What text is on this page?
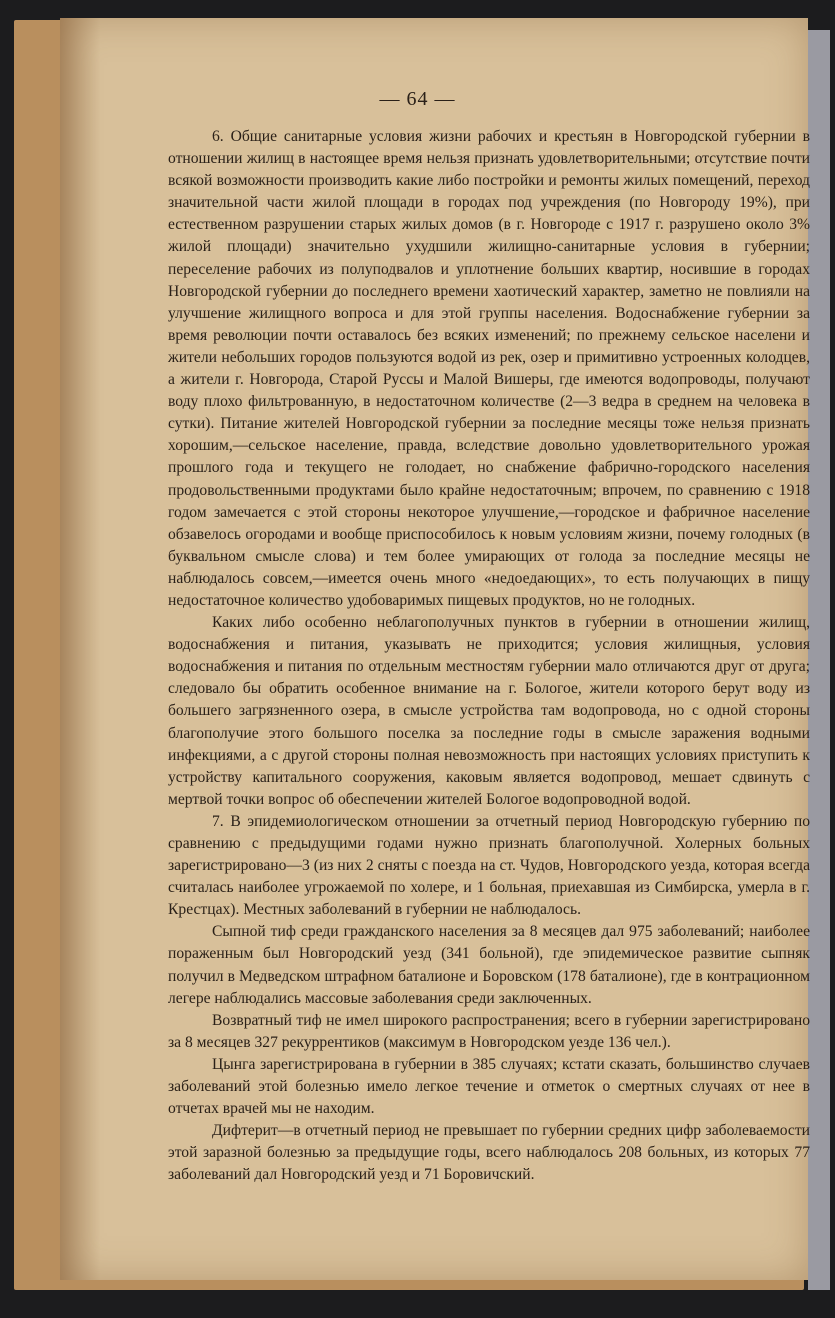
— 64 —

6. Общие санитарные условия жизни рабочих и крестьян в Новгородской губернии в отношении жилищ в настоящее время нельзя признать удовлетворительными; отсутствие почти всякой возможности производить какие либо постройки и ремонты жилых помещений, переход значительной части жилой площади в городах под учреждения (по Новгороду 19%), при естественном разрушении старых жилых домов (в г. Новгороде с 1917 г. разрушено около 3% жилой площади) значительно ухудшили жилищно-санитарные условия в губернии; переселение рабочих из полуподвалов и уплотнение больших квартир, носившие в городах Новгородской губернии до последнего времени хаотический характер, заметно не повлияли на улучшение жилищного вопроса и для этой группы населения. Водоснабжение губернии за время революции почти оставалось без всяких изменений; по прежнему сельское населени и жители небольших городов пользуются водой из рек, озер и примитивно устроенных колодцев, а жители г. Новгорода, Старой Руссы и Малой Вишеры, где имеются водопроводы, получают воду плохо фильтрованную, в недостаточном количестве (2—3 ведра в среднем на человека в сутки). Питание жителей Новгородской губернии за последние месяцы тоже нельзя признать хорошим,—сельское население, правда, вследствие довольно удовлетворительного урожая прошлого года и текущего не голодает, но снабжение фабрично-городского населения продовольственными продуктами было крайне недостаточным; впрочем, по сравнению с 1918 годом замечается с этой стороны некоторое улучшение,—городское и фабричное население обзавелось огородами и вообще приспособилось к новым условиям жизни, почему голодных (в буквальном смысле слова) и тем более умирающих от голода за последние месяцы не наблюдалось совсем,—имеется очень много «недоедающих», то есть получающих в пищу недостаточное количество удобоваримых пищевых продуктов, но не голодных.

Каких либо особенно неблагополучных пунктов в губернии в отношении жилищ, водоснабжения и питания, указывать не приходится; условия жилищныя, условия водоснабжения и питания по отдельным местностям губернии мало отличаются друг от друга; следовало бы обратить особенное внимание на г. Бологое, жители которого берут воду из большего загрязненного озера, в смысле устройства там водопровода, но с одной стороны благополучие этого большого поселка за последние годы в смысле заражения водными инфекциями, а с другой стороны полная невозможность при настоящих условиях приступить к устройству капитального сооружения, каковым является водопровод, мешает сдвинуть с мертвой точки вопрос об обеспечении жителей Бологое водопроводной водой.

7. В эпидемиологическом отношении за отчетный период Новгородскую губернию по сравнению с предыдущими годами нужно признать благополучной. Холерных больных зарегистрировано—3 (из них 2 сняты с поезда на ст. Чудов, Новгородского уезда, которая всегда считалась наиболее угрожаемой по холере, и 1 больная, приехавшая из Симбирска, умерла в г. Крестцах). Местных заболеваний в губернии не наблюдалось.

Сыпной тиф среди гражданского населения за 8 месяцев дал 975 заболеваний; наиболее пораженным был Новгородский уезд (341 больной), где эпидемическое развитие сыпняк получил в Медведском штрафном баталионе и Боровском (178 баталионе), где в контрационном легере наблюдались массовые заболевания среди заключенных.

Возвратный тиф не имел широкого распространения; всего в губернии зарегистрировано за 8 месяцев 327 рекуррентиков (максимум в Новгородском уезде 136 чел.).

Цынга зарегистрирована в губернии в 385 случаях; кстати сказать, большинство случаев заболеваний этой болезнью имело легкое течение и отметок о смертных случаях от нее в отчетах врачей мы не находим.

Дифтерит—в отчетный период не превышает по губернии средних цифр заболеваемости этой заразной болезнью за предыдущие годы, всего наблюдалось 208 больных, из которых 77 заболеваний дал Новгородский уезд и 71 Боровичский.
